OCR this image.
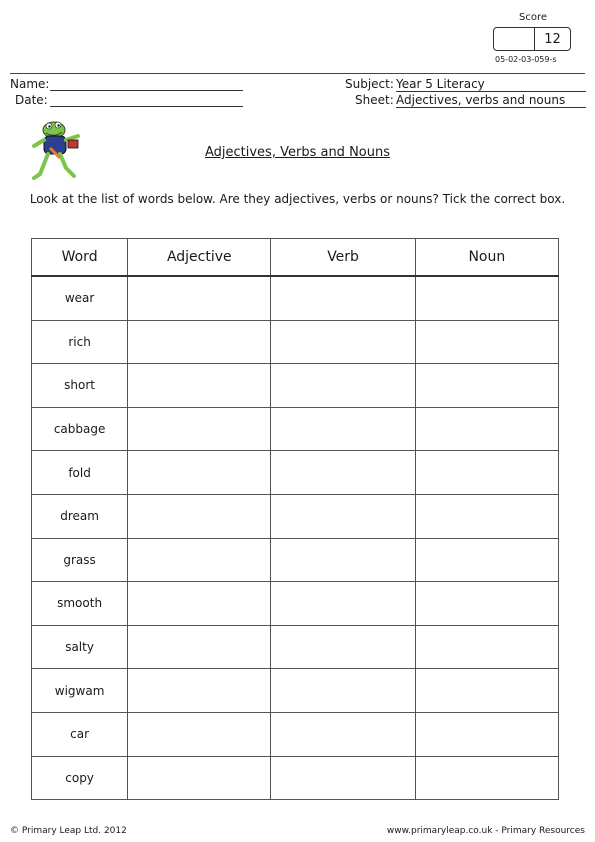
Score
12
05-02-03-059-s
Name:
Date:
Subject: Year 5 Literacy
Sheet: Adjectives, verbs and nouns
Adjectives, Verbs and Nouns
Look at the list of words below. Are they adjectives, verbs or nouns? Tick the correct box.
Word	Adjective	Verb	Noun
wear			
rich			
short			
cabbage			
fold			
dream			
grass			
smooth			
salty			
wigwam			
car			
copy			
© Primary Leap Ltd. 2012	www.primaryleap.co.uk - Primary Resources
